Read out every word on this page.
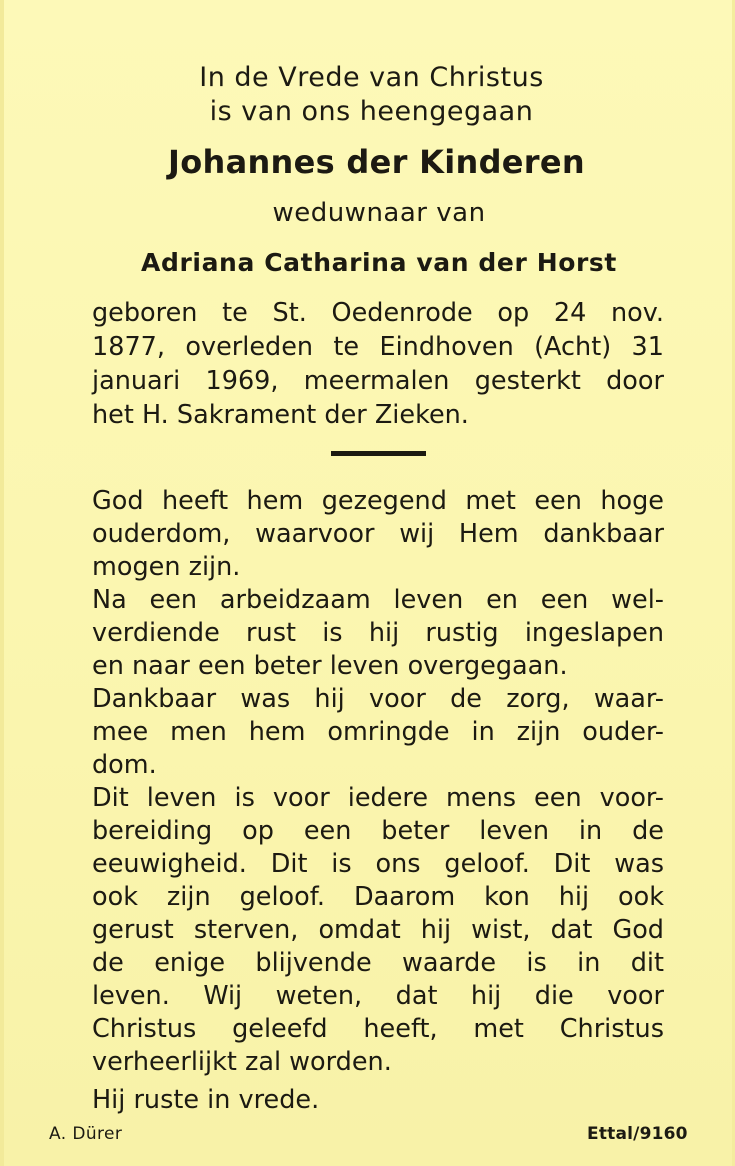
In de Vrede van Christus
is van ons heengegaan
Johannes der Kinderen
weduwnaar van
Adriana Catharina van der Horst
geboren te St. Oedenrode op 24 nov.
1877, overleden te Eindhoven (Acht) 31
januari 1969, meermalen gesterkt door
het H. Sakrament der Zieken.
God heeft hem gezegend met een hoge
ouderdom, waarvoor wij Hem dankbaar
mogen zijn.
Na een arbeidzaam leven en een wel-
verdiende rust is hij rustig ingeslapen
en naar een beter leven overgegaan.
Dankbaar was hij voor de zorg, waar-
mee men hem omringde in zijn ouder-
dom.
Dit leven is voor iedere mens een voor-
bereiding op een beter leven in de
eeuwigheid. Dit is ons geloof. Dit was
ook zijn geloof. Daarom kon hij ook
gerust sterven, omdat hij wist, dat God
de enige blijvende waarde is in dit
leven. Wij weten, dat hij die voor
Christus geleefd heeft, met Christus
verheerlijkt zal worden.
Hij ruste in vrede.
A. Dürer	Ettal/9160
